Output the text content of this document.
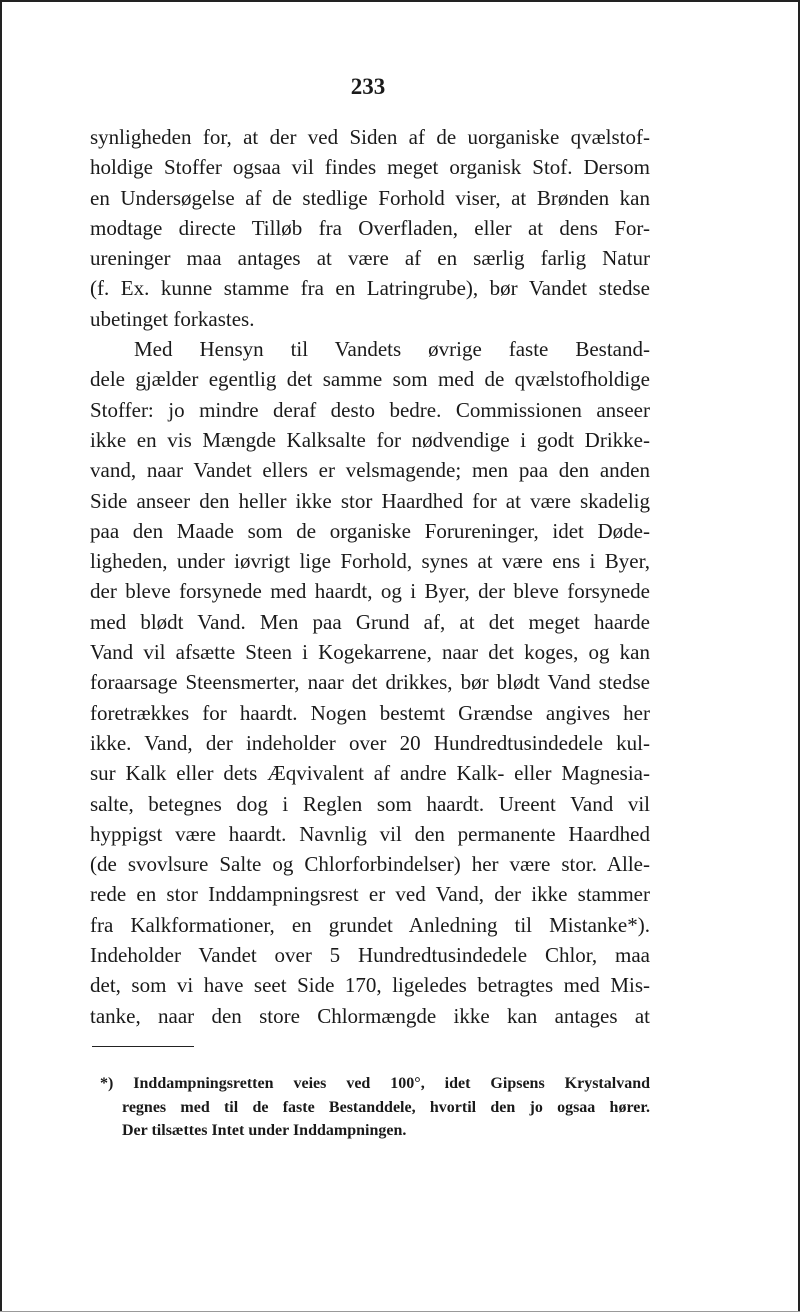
233
synligheden for, at der ved Siden af de uorganiske qvælstof-
holdige Stoffer ogsaa vil findes meget organisk Stof. Dersom
en Undersøgelse af de stedlige Forhold viser, at Brønden kan
modtage directe Tilløb fra Overfladen, eller at dens For-
ureninger maa antages at være af en særlig farlig Natur
(f. Ex. kunne stamme fra en Latringrube), bør Vandet stedse
ubetinget forkastes.
Med Hensyn til Vandets øvrige faste Bestand-
dele gjælder egentlig det samme som med de qvælstofholdige
Stoffer: jo mindre deraf desto bedre. Commissionen anseer
ikke en vis Mængde Kalksalte for nødvendige i godt Drikke-
vand, naar Vandet ellers er velsmagende; men paa den anden
Side anseer den heller ikke stor Haardhed for at være skadelig
paa den Maade som de organiske Forureninger, idet Døde-
ligheden, under iøvrigt lige Forhold, synes at være ens i Byer,
der bleve forsynede med haardt, og i Byer, der bleve forsynede
med blødt Vand. Men paa Grund af, at det meget haarde
Vand vil afsætte Steen i Kogekarrene, naar det koges, og kan
foraarsage Steensmerter, naar det drikkes, bør blødt Vand stedse
foretrækkes for haardt. Nogen bestemt Grændse angives her
ikke. Vand, der indeholder over 20 Hundredtusindedele kul-
sur Kalk eller dets Æqvivalent af andre Kalk- eller Magnesia-
salte, betegnes dog i Reglen som haardt. Ureent Vand vil
hyppigst være haardt. Navnlig vil den permanente Haardhed
(de svovlsure Salte og Chlorforbindelser) her være stor. Alle-
rede en stor Inddampningsrest er ved Vand, der ikke stammer
fra Kalkformationer, en grundet Anledning til Mistanke*).
Indeholder Vandet over 5 Hundredtusindedele Chlor, maa
det, som vi have seet Side 170, ligeledes betragtes med Mis-
tanke, naar den store Chlormængde ikke kan antages at
*) Inddampningsretten veies ved 100°, idet Gipsens Krystalvand
regnes med til de faste Bestanddele, hvortil den jo ogsaa hører.
Der tilsættes Intet under Inddampningen.
